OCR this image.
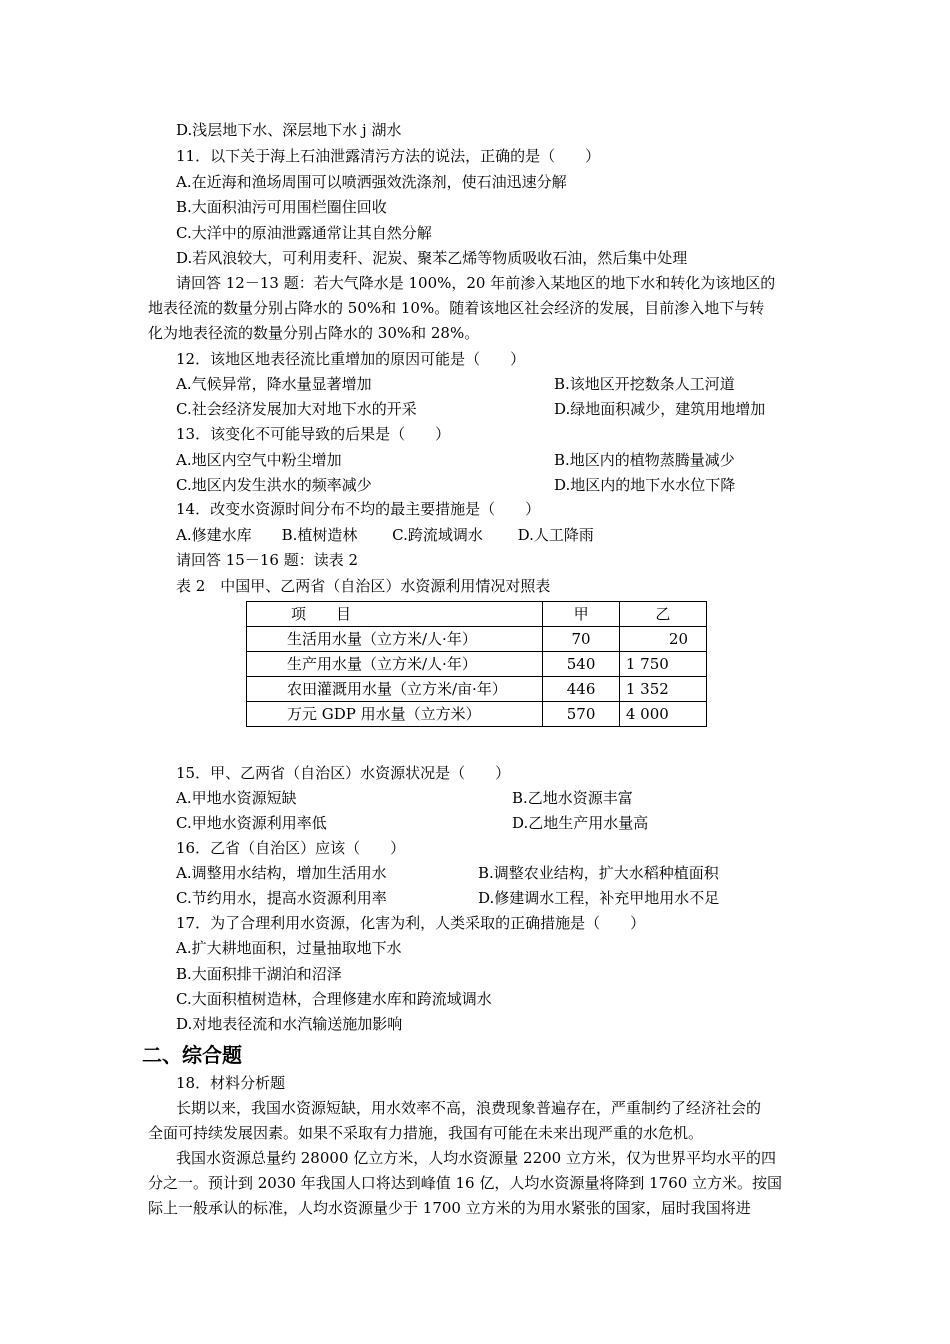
D.浅层地下水、深层地下水 j 湖水
11．以下关于海上石油泄露清污方法的说法，正确的是（　　）
A.在近海和渔场周围可以喷洒强效洗涤剂，使石油迅速分解
B.大面积油污可用围栏圈住回收
C.大洋中的原油泄露通常让其自然分解
D.若风浪较大，可利用麦秆、泥炭、聚苯乙烯等物质吸收石油，然后集中处理
请回答 12－13 题：若大气降水是 100%，20 年前渗入某地区的地下水和转化为该地区的
地表径流的数量分别占降水的 50%和 10%。随着该地区社会经济的发展，目前渗入地下与转
化为地表径流的数量分别占降水的 30%和 28%。
12．该地区地表径流比重增加的原因可能是（　　）
A.气候异常，降水量显著增加	B.该地区开挖数条人工河道
C.社会经济发展加大对地下水的开采	D.绿地面积减少，建筑用地增加
13．该变化不可能导致的后果是（　　）
A.地区内空气中粉尘增加	B.地区内的植物蒸腾量减少
C.地区内发生洪水的频率减少	D.地区内的地下水水位下降
14．改变水资源时间分布不均的最主要措施是（　　）
A.修建水库　　B.植树造林　　 C.跨流域调水　　 D.人工降雨
请回答 15－16 题：读表 2
表 2　中国甲、乙两省（自治区）水资源利用情况对照表
项　　目	甲	乙
生活用水量（立方米/人·年）	70	20
生产用水量（立方米/人·年）	540	1 750
农田灌溉用水量（立方米/亩·年）	446	1 352
万元 GDP 用水量（立方米）	570	4 000
15．甲、乙两省（自治区）水资源状况是（　　）
A.甲地水资源短缺	B.乙地水资源丰富
C.甲地水资源利用率低	D.乙地生产用水量高
16．乙省（自治区）应该（　　）
A.调整用水结构，增加生活用水	B.调整农业结构，扩大水稻种植面积
C.节约用水，提高水资源利用率	D.修建调水工程，补充甲地用水不足
17．为了合理利用水资源，化害为利，人类采取的正确措施是（　　）
A.扩大耕地面积，过量抽取地下水
B.大面积排干湖泊和沼泽
C.大面积植树造林，合理修建水库和跨流域调水
D.对地表径流和水汽输送施加影响
二、综合题
18．材料分析题
长期以来，我国水资源短缺，用水效率不高，浪费现象普遍存在，严重制约了经济社会的
全面可持续发展因素。如果不采取有力措施，我国有可能在未来出现严重的水危机。
我国水资源总量约 28000 亿立方米，人均水资源量 2200 立方米，仅为世界平均水平的四
分之一。预计到 2030 年我国人口将达到峰值 16 亿，人均水资源量将降到 1760 立方米。按国
际上一般承认的标准，人均水资源量少于 1700 立方米的为用水紧张的国家，届时我国将进
